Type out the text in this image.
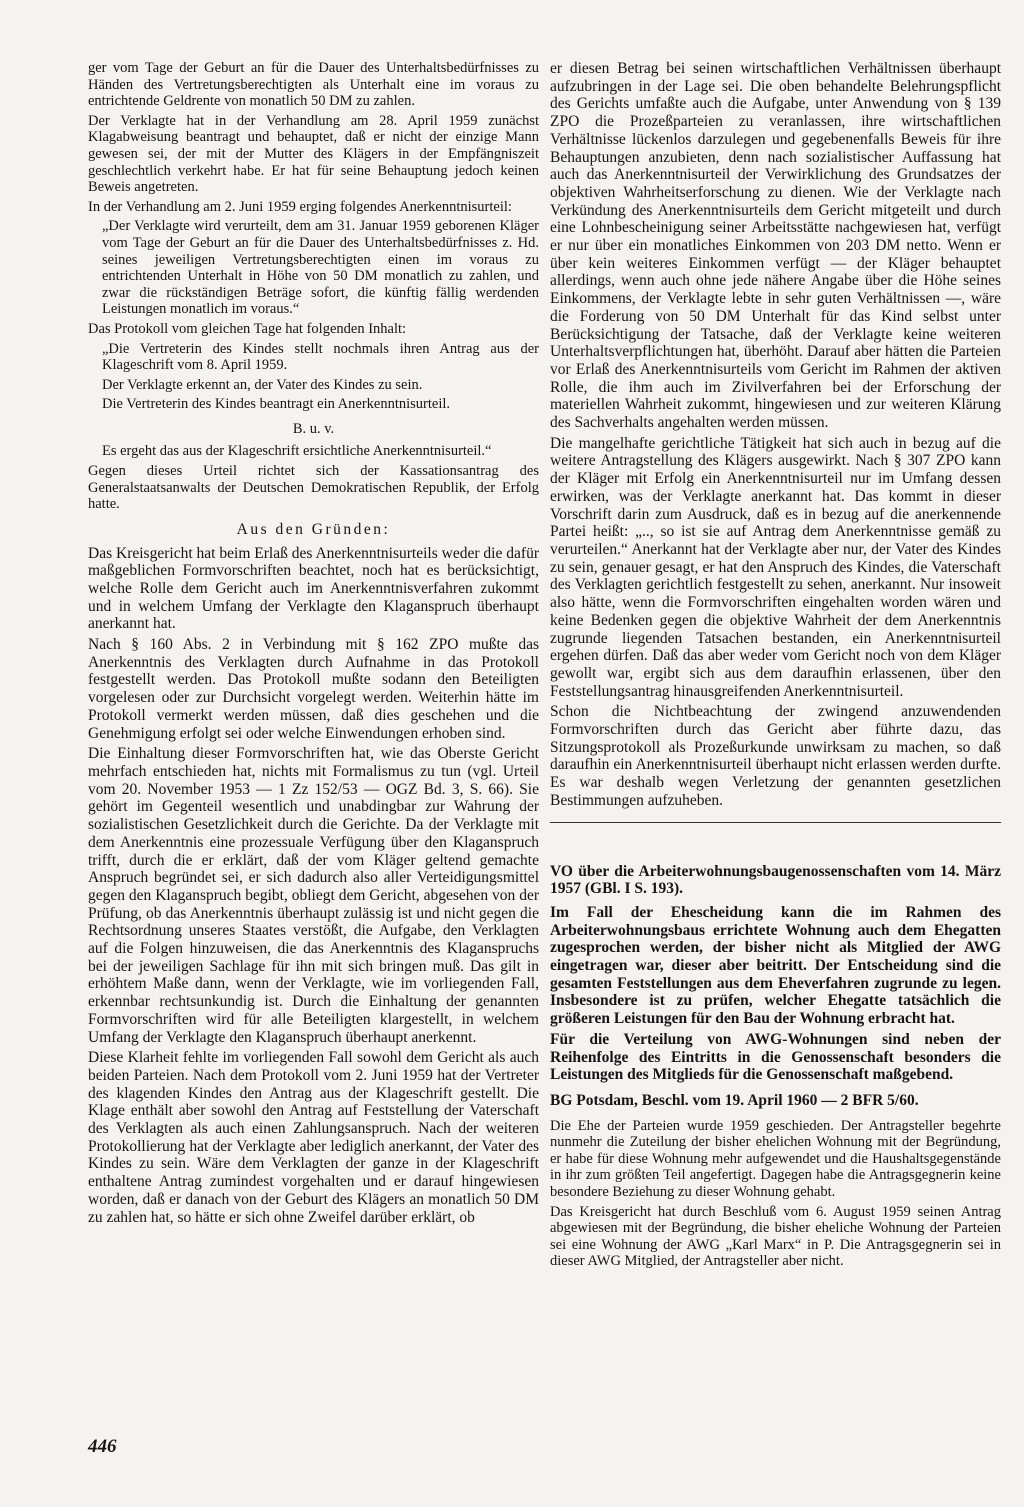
ger vom Tage der Geburt an für die Dauer des Unterhaltsbedürfnisses zu Händen des Vertretungsberechtigten als Unterhalt eine im voraus zu entrichtende Geldrente von monatlich 50 DM zu zahlen.

Der Verklagte hat in der Verhandlung am 28. April 1959 zunächst Klagabweisung beantragt und behauptet, daß er nicht der einzige Mann gewesen sei, der mit der Mutter des Klägers in der Empfängniszeit geschlechtlich verkehrt habe. Er hat für seine Behauptung jedoch keinen Beweis angetreten.

In der Verhandlung am 2. Juni 1959 erging folgendes Anerkenntnisurteil:

„Der Verklagte wird verurteilt, dem am 31. Januar 1959 geborenen Kläger vom Tage der Geburt an für die Dauer des Unterhaltsbedürfnisses z. Hd. seines jeweiligen Vertretungsberechtigten einen im voraus zu entrichtenden Unterhalt in Höhe von 50 DM monatlich zu zahlen, und zwar die rückständigen Beträge sofort, die künftig fällig werdenden Leistungen monatlich im voraus.“

Das Protokoll vom gleichen Tage hat folgenden Inhalt:

„Die Vertreterin des Kindes stellt nochmals ihren Antrag aus der Klageschrift vom 8. April 1959.

Der Verklagte erkennt an, der Vater des Kindes zu sein.

Die Vertreterin des Kindes beantragt ein Anerkenntnisurteil.

B. u. v.

Es ergeht das aus der Klageschrift ersichtliche Anerkenntnisurteil.“

Gegen dieses Urteil richtet sich der Kassationsantrag des Generalstaatsanwalts der Deutschen Demokratischen Republik, der Erfolg hatte.

Aus den Gründen:

Das Kreisgericht hat beim Erlaß des Anerkenntnisurteils weder die dafür maßgeblichen Formvorschriften beachtet, noch hat es berücksichtigt, welche Rolle dem Gericht auch im Anerkenntnisverfahren zukommt und in welchem Umfang der Verklagte den Klaganspruch überhaupt anerkannt hat.

Nach § 160 Abs. 2 in Verbindung mit § 162 ZPO mußte das Anerkenntnis des Verklagten durch Aufnahme in das Protokoll festgestellt werden. Das Protokoll mußte sodann den Beteiligten vorgelesen oder zur Durchsicht vorgelegt werden. Weiterhin hätte im Protokoll vermerkt werden müssen, daß dies geschehen und die Genehmigung erfolgt sei oder welche Einwendungen erhoben sind.

Die Einhaltung dieser Formvorschriften hat, wie das Oberste Gericht mehrfach entschieden hat, nichts mit Formalismus zu tun (vgl. Urteil vom 20. November 1953 — 1 Zz 152/53 — OGZ Bd. 3, S. 66). Sie gehört im Gegenteil wesentlich und unabdingbar zur Wahrung der sozialistischen Gesetzlichkeit durch die Gerichte. Da der Verklagte mit dem Anerkenntnis eine prozessuale Verfügung über den Klaganspruch trifft, durch die er erklärt, daß der vom Kläger geltend gemachte Anspruch begründet sei, er sich dadurch also aller Verteidigungsmittel gegen den Klaganspruch begibt, obliegt dem Gericht, abgesehen von der Prüfung, ob das Anerkenntnis überhaupt zulässig ist und nicht gegen die Rechtsordnung unseres Staates verstößt, die Aufgabe, den Verklagten auf die Folgen hinzuweisen, die das Anerkenntnis des Klaganspruchs bei der jeweiligen Sachlage für ihn mit sich bringen muß. Das gilt in erhöhtem Maße dann, wenn der Verklagte, wie im vorliegenden Fall, erkennbar rechtsunkundig ist. Durch die Einhaltung der genannten Formvorschriften wird für alle Beteiligten klargestellt, in welchem Umfang der Verklagte den Klaganspruch überhaupt anerkennt.

Diese Klarheit fehlte im vorliegenden Fall sowohl dem Gericht als auch beiden Parteien. Nach dem Protokoll vom 2. Juni 1959 hat der Vertreter des klagenden Kindes den Antrag aus der Klageschrift gestellt. Die Klage enthält aber sowohl den Antrag auf Feststellung der Vaterschaft des Verklagten als auch einen Zahlungsanspruch. Nach der weiteren Protokollierung hat der Verklagte aber lediglich anerkannt, der Vater des Kindes zu sein. Wäre dem Verklagten der ganze in der Klageschrift enthaltene Antrag zumindest vorgehalten und er darauf hingewiesen worden, daß er danach von der Geburt des Klägers an monatlich 50 DM zu zahlen hat, so hätte er sich ohne Zweifel darüber erklärt, ob

er diesen Betrag bei seinen wirtschaftlichen Verhältnissen überhaupt aufzubringen in der Lage sei. Die oben behandelte Belehrungspflicht des Gerichts umfaßte auch die Aufgabe, unter Anwendung von § 139 ZPO die Prozeßparteien zu veranlassen, ihre wirtschaftlichen Verhältnisse lückenlos darzulegen und gegebenenfalls Beweis für ihre Behauptungen anzubieten, denn nach sozialistischer Auffassung hat auch das Anerkenntnisurteil der Verwirklichung des Grundsatzes der objektiven Wahrheitserforschung zu dienen. Wie der Verklagte nach Verkündung des Anerkenntnisurteils dem Gericht mitgeteilt und durch eine Lohnbescheinigung seiner Arbeitsstätte nachgewiesen hat, verfügt er nur über ein monatliches Einkommen von 203 DM netto. Wenn er über kein weiteres Einkommen verfügt — der Kläger behauptet allerdings, wenn auch ohne jede nähere Angabe über die Höhe seines Einkommens, der Verklagte lebte in sehr guten Verhältnissen —, wäre die Forderung von 50 DM Unterhalt für das Kind selbst unter Berücksichtigung der Tatsache, daß der Verklagte keine weiteren Unterhaltsverpflichtungen hat, überhöht. Darauf aber hätten die Parteien vor Erlaß des Anerkenntnisurteils vom Gericht im Rahmen der aktiven Rolle, die ihm auch im Zivilverfahren bei der Erforschung der materiellen Wahrheit zukommt, hingewiesen und zur weiteren Klärung des Sachverhalts angehalten werden müssen.

Die mangelhafte gerichtliche Tätigkeit hat sich auch in bezug auf die weitere Antragstellung des Klägers ausgewirkt. Nach § 307 ZPO kann der Kläger mit Erfolg ein Anerkenntnisurteil nur im Umfang dessen erwirken, was der Verklagte anerkannt hat. Das kommt in dieser Vorschrift darin zum Ausdruck, daß es in bezug auf die anerkennende Partei heißt: „.., so ist sie auf Antrag dem Anerkenntnisse gemäß zu verurteilen.“ Anerkannt hat der Verklagte aber nur, der Vater des Kindes zu sein, genauer gesagt, er hat den Anspruch des Kindes, die Vaterschaft des Verklagten gerichtlich festgestellt zu sehen, anerkannt. Nur insoweit also hätte, wenn die Formvorschriften eingehalten worden wären und keine Bedenken gegen die objektive Wahrheit der dem Anerkenntnis zugrunde liegenden Tatsachen bestanden, ein Anerkenntnisurteil ergehen dürfen. Daß das aber weder vom Gericht noch von dem Kläger gewollt war, ergibt sich aus dem daraufhin erlassenen, über den Feststellungsantrag hinausgreifenden Anerkenntnisurteil.

Schon die Nichtbeachtung der zwingend anzuwendenden Formvorschriften durch das Gericht aber führte dazu, das Sitzungsprotokoll als Prozeßurkunde unwirksam zu machen, so daß daraufhin ein Anerkenntnisurteil überhaupt nicht erlassen werden durfte. Es war deshalb wegen Verletzung der genannten gesetzlichen Bestimmungen aufzuheben.

VO über die Arbeiterwohnungsbaugenossenschaften vom 14. März 1957 (GBl. I S. 193).

Im Fall der Ehescheidung kann die im Rahmen des Arbeiterwohnungsbaus errichtete Wohnung auch dem Ehegatten zugesprochen werden, der bisher nicht als Mitglied der AWG eingetragen war, dieser aber beitritt. Der Entscheidung sind die gesamten Feststellungen aus dem Eheverfahren zugrunde zu legen. Insbesondere ist zu prüfen, welcher Ehegatte tatsächlich die größeren Leistungen für den Bau der Wohnung erbracht hat.

Für die Verteilung von AWG-Wohnungen sind neben der Reihenfolge des Eintritts in die Genossenschaft besonders die Leistungen des Mitglieds für die Genossenschaft maßgebend.

BG Potsdam, Beschl. vom 19. April 1960 — 2 BFR 5/60.

Die Ehe der Parteien wurde 1959 geschieden. Der Antragsteller begehrte nunmehr die Zuteilung der bisher ehelichen Wohnung mit der Begründung, er habe für diese Wohnung mehr aufgewendet und die Haushaltsgegenstände in ihr zum größten Teil angefertigt. Dagegen habe die Antragsgegnerin keine besondere Beziehung zu dieser Wohnung gehabt.

Das Kreisgericht hat durch Beschluß vom 6. August 1959 seinen Antrag abgewiesen mit der Begründung, die bisher eheliche Wohnung der Parteien sei eine Wohnung der AWG „Karl Marx“ in P. Die Antragsgegnerin sei in dieser AWG Mitglied, der Antragsteller aber nicht.

446
